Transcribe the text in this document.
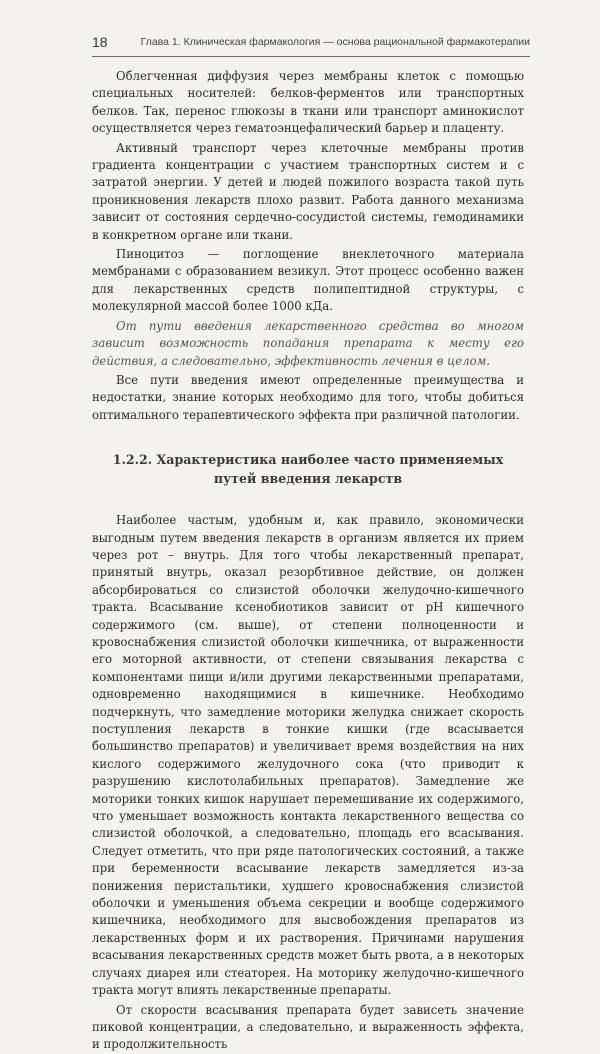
18	Глава 1. Клиническая фармакология — основа рациональной фармакотерапии

Облегченная диффузия через мембраны клеток с помощью специальных носителей: белков-ферментов или транспортных белков. Так, перенос глюкозы в ткани или транспорт аминокислот осуществляется через гематоэнцефалический барьер и плаценту.

Активный транспорт через клеточные мембраны против градиента концентрации с участием транспортных систем и с затратой энергии. У детей и людей пожилого возраста такой путь проникновения лекарств плохо развит. Работа данного механизма зависит от состояния сердечно-сосудистой системы, гемодинамики в конкретном органе или ткани.

Пиноцитоз — поглощение внеклеточного материала мембранами с образованием везикул. Этот процесс особенно важен для лекарственных средств полипептидной структуры, с молекулярной массой более 1000 кДа.

От пути введения лекарственного средства во многом зависит возможность попадания препарата к месту его действия, а следовательно, эффективность лечения в целом.

Все пути введения имеют определенные преимущества и недостатки, знание которых необходимо для того, чтобы добиться оптимального терапевтического эффекта при различной патологии.

1.2.2. Характеристика наиболее часто применяемых
путей введения лекарств

Наиболее частым, удобным и, как правило, экономически выгодным путем введения лекарств в организм является их прием через рот – внутрь. Для того чтобы лекарственный препарат, принятый внутрь, оказал резорбтивное действие, он должен абсорбироваться со слизистой оболочки желудочно-кишечного тракта. Всасывание ксенобиотиков зависит от pH кишечного содержимого (см. выше), от степени полноценности и кровоснабжения слизистой оболочки кишечника, от выраженности его моторной активности, от степени связывания лекарства с компонентами пищи и/или другими лекарственными препаратами, одновременно находящимися в кишечнике. Необходимо подчеркнуть, что замедление моторики желудка снижает скорость поступления лекарств в тонкие кишки (где всасывается большинство препаратов) и увеличивает время воздействия на них кислого содержимого желудочного сока (что приводит к разрушению кислотолабильных препаратов). Замедление же моторики тонких кишок нарушает перемешивание их содержимого, что уменьшает возможность контакта лекарственного вещества со слизистой оболочкой, а следовательно, площадь его всасывания. Следует отметить, что при ряде патологических состояний, а также при беременности всасывание лекарств замедляется из-за понижения перистальтики, худшего кровоснабжения слизистой оболочки и уменьшения объема секреции и вообще содержимого кишечника, необходимого для высвобождения препаратов из лекарственных форм и их растворения. Причинами нарушения всасывания лекарственных средств может быть рвота, а в некоторых случаях диарея или стеаторея. На моторику желудочно-кишечного тракта могут влиять лекарственные препараты.

От скорости всасывания препарата будет зависеть значение пиковой концентрации, а следовательно, и выраженность эффекта, и продолжительность
